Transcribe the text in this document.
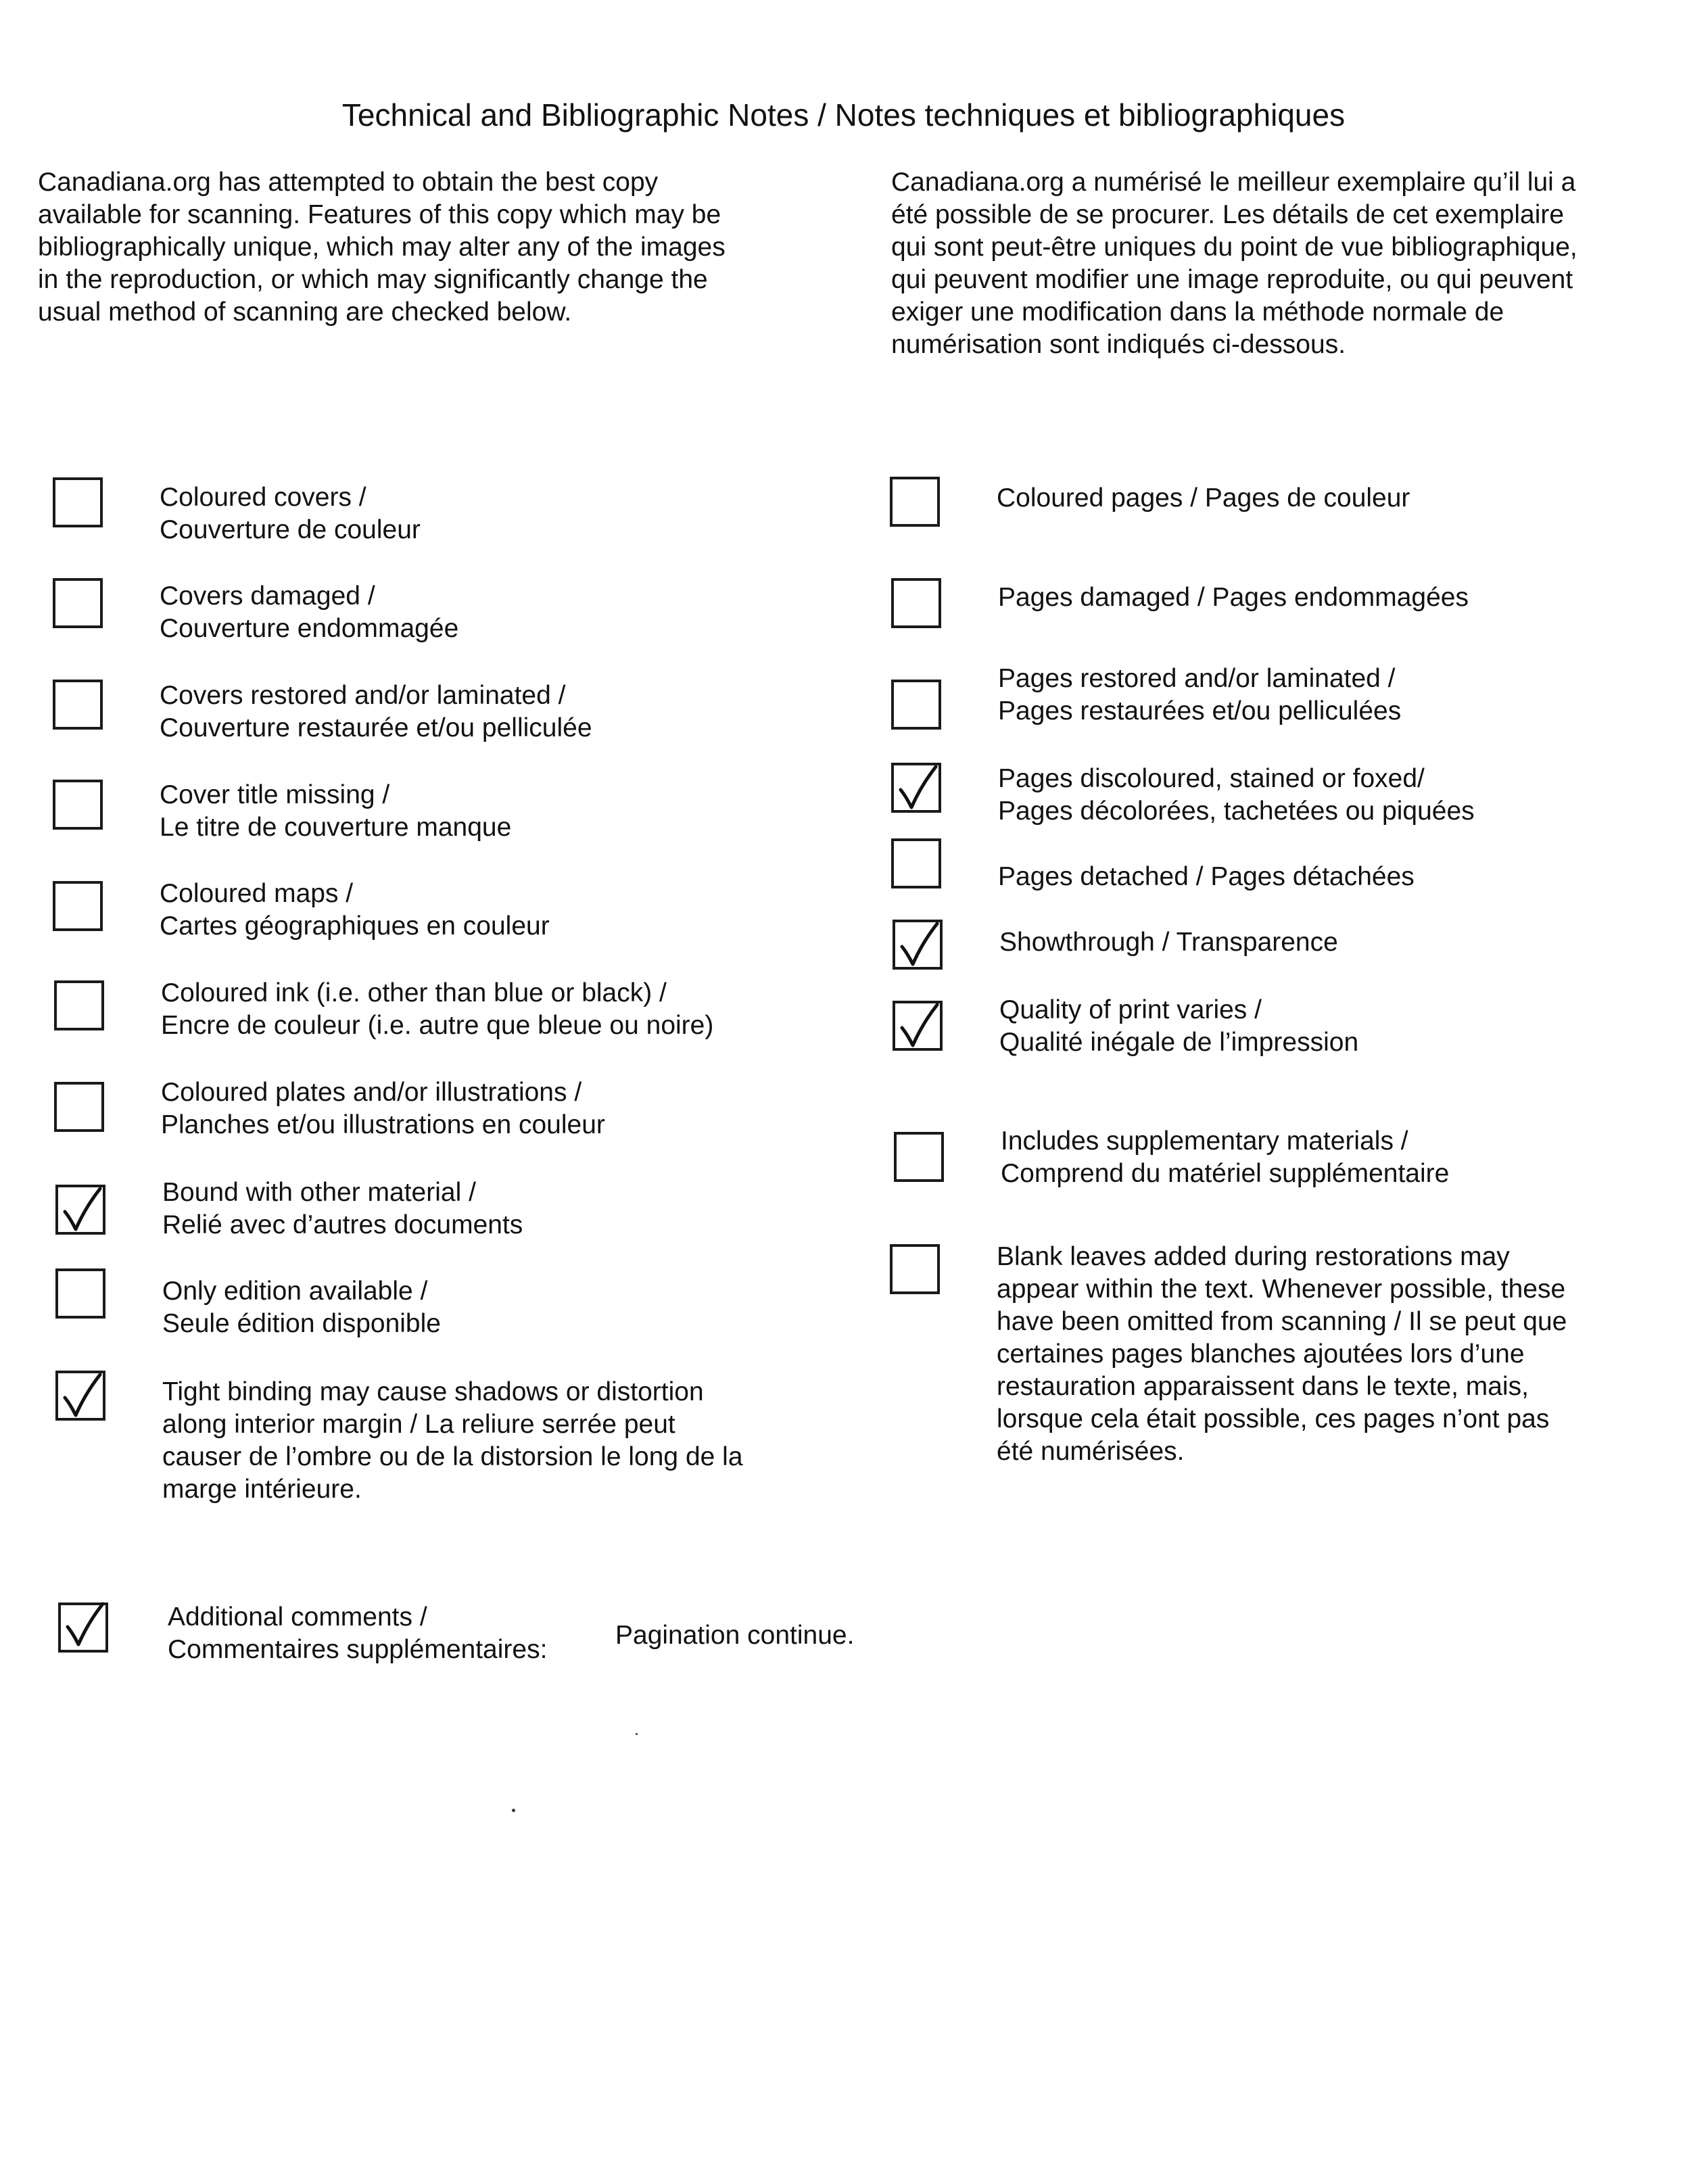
Technical and Bibliographic Notes / Notes techniques et bibliographiques
Canadiana.org has attempted to obtain the best copy
available for scanning. Features of this copy which may be
bibliographically unique, which may alter any of the images
in the reproduction, or which may significantly change the
usual method of scanning are checked below.
Canadiana.org a numérisé le meilleur exemplaire qu’il lui a
été possible de se procurer. Les détails de cet exemplaire
qui sont peut-être uniques du point de vue bibliographique,
qui peuvent modifier une image reproduite, ou qui peuvent
exiger une modification dans la méthode normale de
numérisation sont indiqués ci-dessous.
Coloured covers /
Couverture de couleur
Covers damaged /
Couverture endommagée
Covers restored and/or laminated /
Couverture restaurée et/ou pelliculée
Cover title missing /
Le titre de couverture manque
Coloured maps /
Cartes géographiques en couleur
Coloured ink (i.e. other than blue or black) /
Encre de couleur (i.e. autre que bleue ou noire)
Coloured plates and/or illustrations /
Planches et/ou illustrations en couleur
Bound with other material /
Relié avec d’autres documents
Only edition available /
Seule édition disponible
Tight binding may cause shadows or distortion
along interior margin / La reliure serrée peut
causer de l’ombre ou de la distorsion le long de la
marge intérieure.
Coloured pages / Pages de couleur
Pages damaged / Pages endommagées
Pages restored and/or laminated /
Pages restaurées et/ou pelliculées
Pages discoloured, stained or foxed/
Pages décolorées, tachetées ou piquées
Pages detached / Pages détachées
Showthrough / Transparence
Quality of print varies /
Qualité inégale de l’impression
Includes supplementary materials /
Comprend du matériel supplémentaire
Blank leaves added during restorations may
appear within the text. Whenever possible, these
have been omitted from scanning / Il se peut que
certaines pages blanches ajoutées lors d’une
restauration apparaissent dans le texte, mais,
lorsque cela était possible, ces pages n’ont pas
été numérisées.
Additional comments /
Commentaires supplémentaires:	Pagination continue.
